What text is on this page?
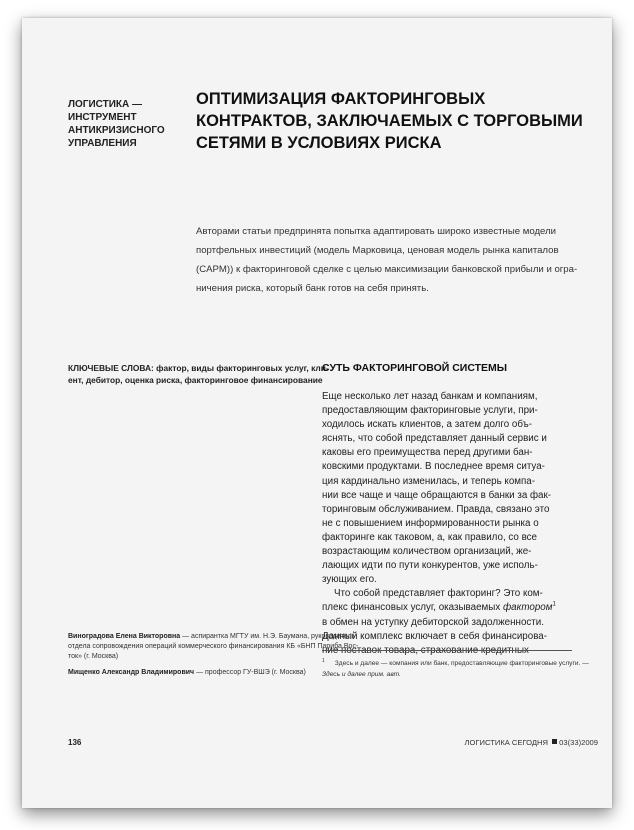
ЛОГИСТИКА —
ИНСТРУМЕНТ
АНТИКРИЗИСНОГО
УПРАВЛЕНИЯ
ОПТИМИЗАЦИЯ ФАКТОРИНГОВЫХ
КОНТРАКТОВ, ЗАКЛЮЧАЕМЫХ С ТОРГОВЫМИ
СЕТЯМИ В УСЛОВИЯХ РИСКА
Авторами статьи предпринята попытка адаптировать широко известные модели
портфельных инвестиций (модель Марковица, ценовая модель рынка капиталов
(CAPM)) к факторинговой сделке с целью максимизации банковской прибыли и огра-
ничения риска, который банк готов на себя принять.
КЛЮЧЕВЫЕ СЛОВА: фактор, виды факторинговых услуг, кли-
ент, дебитор, оценка риска, факторинговое финансирование
СУТЬ ФАКТОРИНГОВОЙ СИСТЕМЫ
Еще несколько лет назад банкам и компаниям,
предоставляющим факторинговые услуги, при-
ходилось искать клиентов, а затем долго объ-
яснять, что собой представляет данный сервис и
каковы его преимущества перед другими бан-
ковскими продуктами. В последнее время ситуа-
ция кардинально изменилась, и теперь компа-
нии все чаще и чаще обращаются в банки за фак-
торинговым обслуживанием. Правда, связано это
не с повышением информированности рынка о
факторинге как таковом, а, как правило, со все
возрастающим количеством организаций, же-
лающих идти по пути конкурентов, уже исполь-
зующих его.
Что собой представляет факторинг? Это ком-
плекс финансовых услуг, оказываемых фактором$^1$
в обмен на уступку дебиторской задолженности.
Данный комплекс включает в себя финансирова-
ние поставок товара, страхование кредитных
Виноградова Елена Викторовна — аспирантка МГТУ им. Н.Э. Баумана, руководитель
отдела сопровождения операций коммерческого финансирования КБ «БНП Париба Вос-
ток» (г. Москва)
Мищенко Александр Владимирович — профессор ГУ-ВШЭ (г. Москва)
$^1$ Здесь и далее — компания или банк, предоставляющие факторинговые услуги. —
Здесь и далее прим. авт.
136	ЛОГИСТИКА СЕГОДНЯ 03(33)2009
